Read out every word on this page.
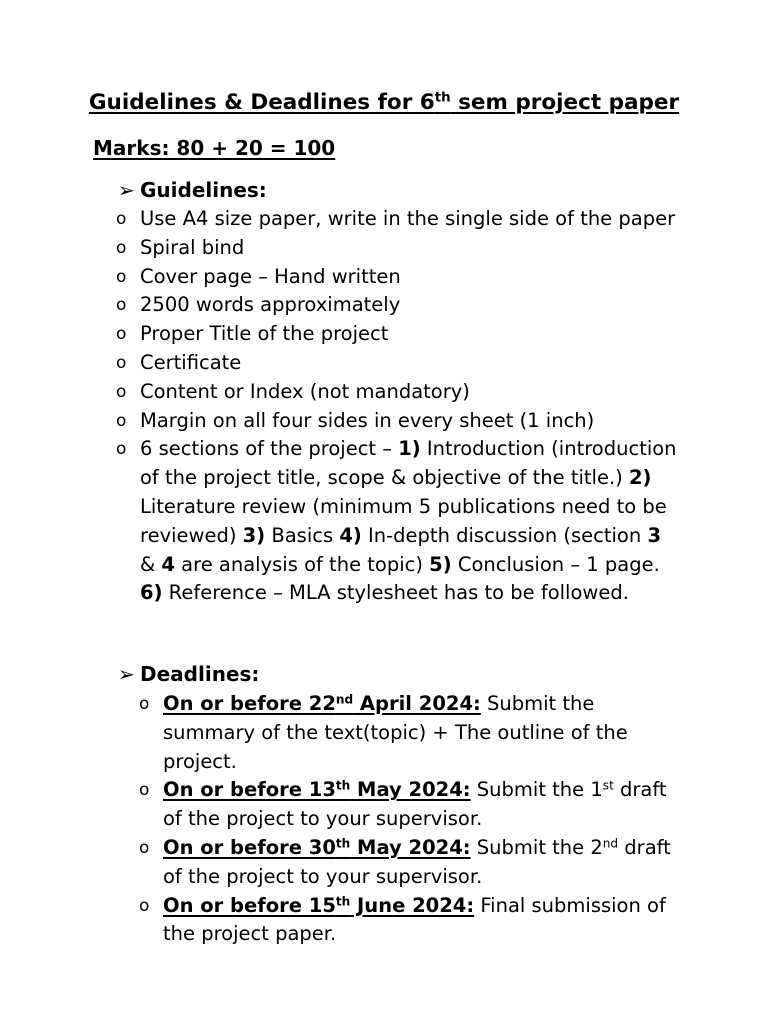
Guidelines & Deadlines for 6th sem project paper
Marks: 80 + 20 = 100
➢ Guidelines:
o Use A4 size paper, write in the single side of the paper
o Spiral bind
o Cover page – Hand written
o 2500 words approximately
o Proper Title of the project
o Certificate
o Content or Index (not mandatory)
o Margin on all four sides in every sheet (1 inch)
o 6 sections of the project – 1) Introduction (introduction of the project title, scope & objective of the title.) 2) Literature review (minimum 5 publications need to be reviewed) 3) Basics 4) In-depth discussion (section 3 & 4 are analysis of the topic) 5) Conclusion – 1 page. 6) Reference – MLA stylesheet has to be followed.
➢ Deadlines:
o On or before 22nd April 2024: Submit the summary of the text(topic) + The outline of the project.
o On or before 13th May 2024: Submit the 1st draft of the project to your supervisor.
o On or before 30th May 2024: Submit the 2nd draft of the project to your supervisor.
o On or before 15th June 2024: Final submission of the project paper.
